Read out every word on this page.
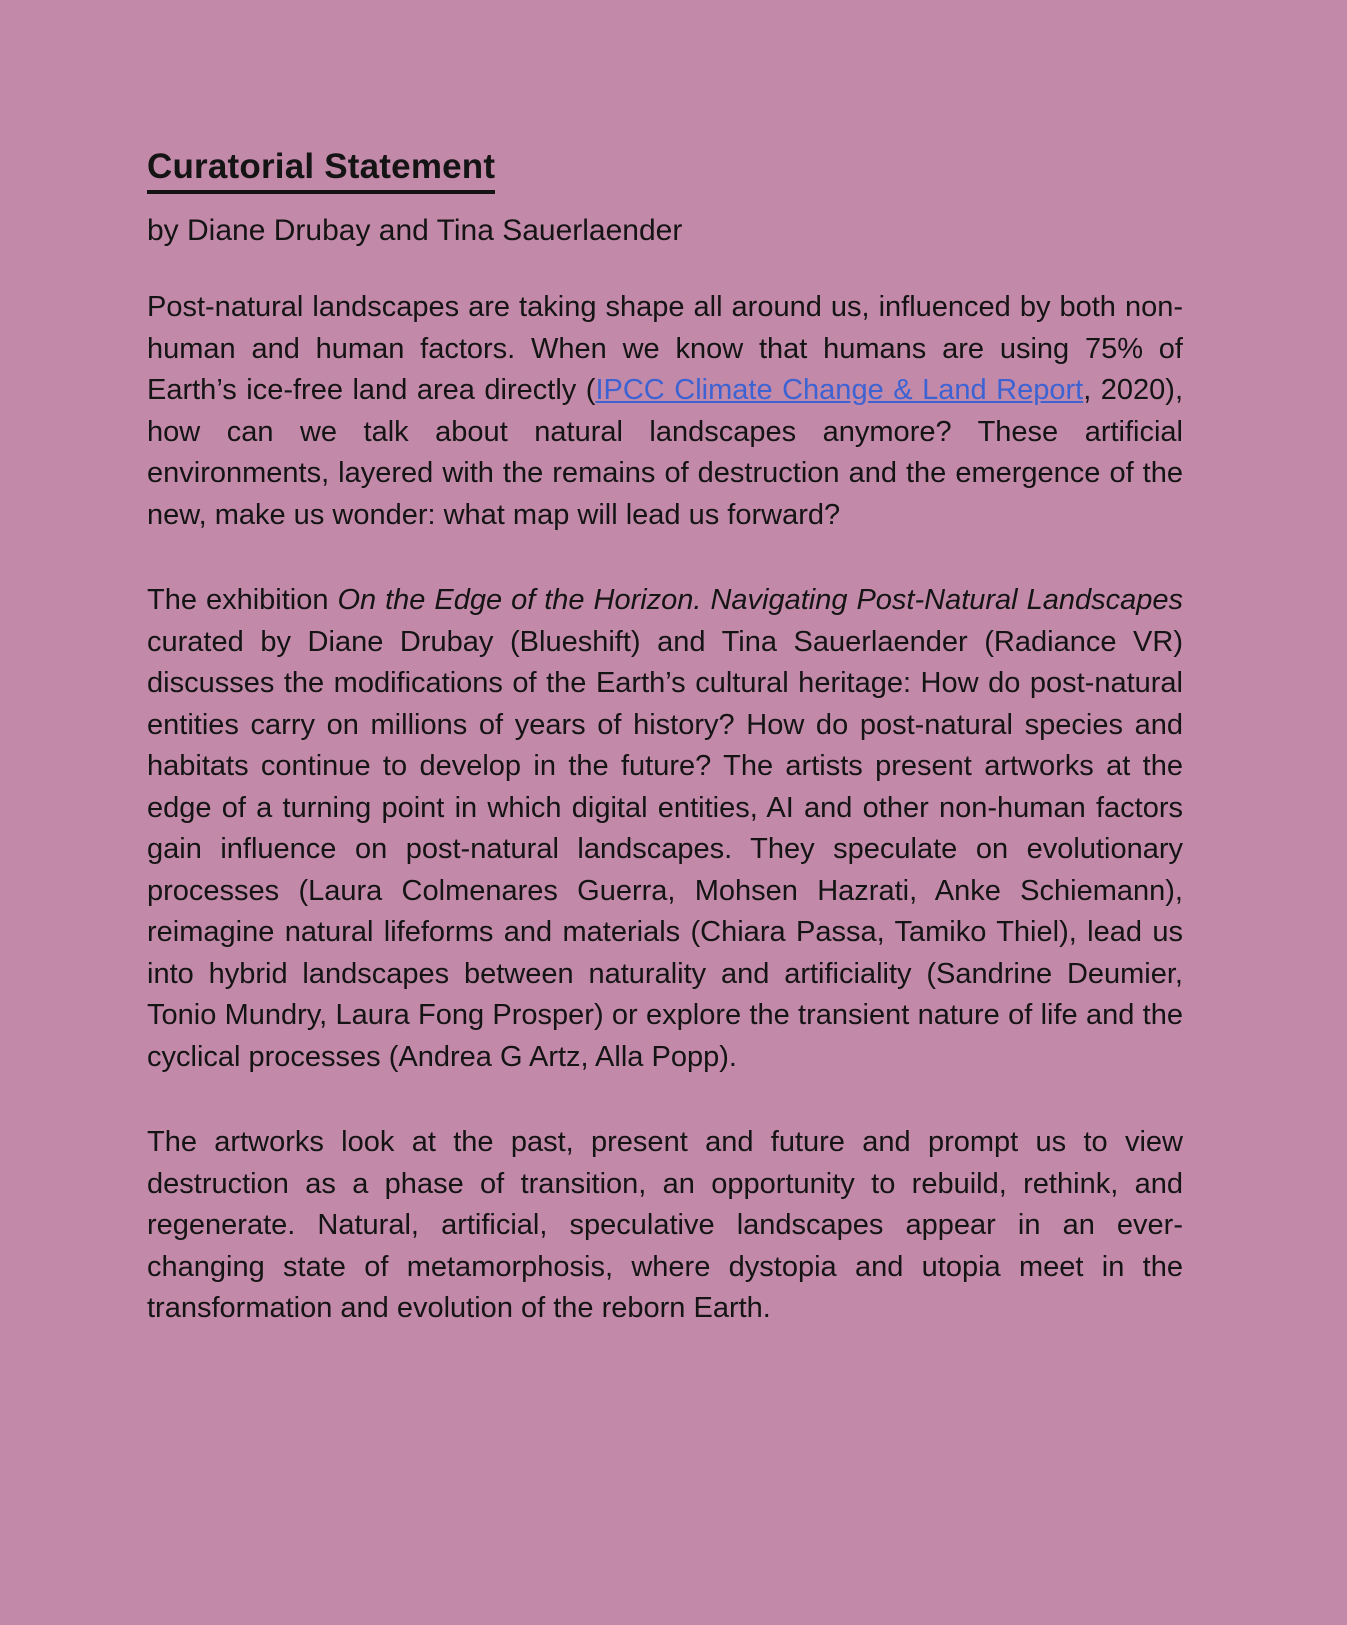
Curatorial Statement
by Diane Drubay and Tina Sauerlaender

Post-natural landscapes are taking shape all around us, influenced by both non-human and human factors. When we know that humans are using 75% of Earth’s ice-free land area directly (IPCC Climate Change & Land Report, 2020), how can we talk about natural landscapes anymore? These artificial environments, layered with the remains of destruction and the emergence of the new, make us wonder: what map will lead us forward?

The exhibition On the Edge of the Horizon. Navigating Post-Natural Landscapes curated by Diane Drubay (Blueshift) and Tina Sauerlaender (Radiance VR) discusses the modifications of the Earth’s cultural heritage: How do post-natural entities carry on millions of years of history? How do post-natural species and habitats continue to develop in the future? The artists present artworks at the edge of a turning point in which digital entities, AI and other non-human factors gain influence on post-natural landscapes. They speculate on evolutionary processes (Laura Colmenares Guerra, Mohsen Hazrati, Anke Schiemann), reimagine natural lifeforms and materials (Chiara Passa, Tamiko Thiel), lead us into hybrid landscapes between naturality and artificiality (Sandrine Deumier, Tonio Mundry, Laura Fong Prosper) or explore the transient nature of life and the cyclical processes (Andrea G Artz, Alla Popp).

The artworks look at the past, present and future and prompt us to view destruction as a phase of transition, an opportunity to rebuild, rethink, and regenerate. Natural, artificial, speculative landscapes appear in an ever-changing state of metamorphosis, where dystopia and utopia meet in the transformation and evolution of the reborn Earth.
